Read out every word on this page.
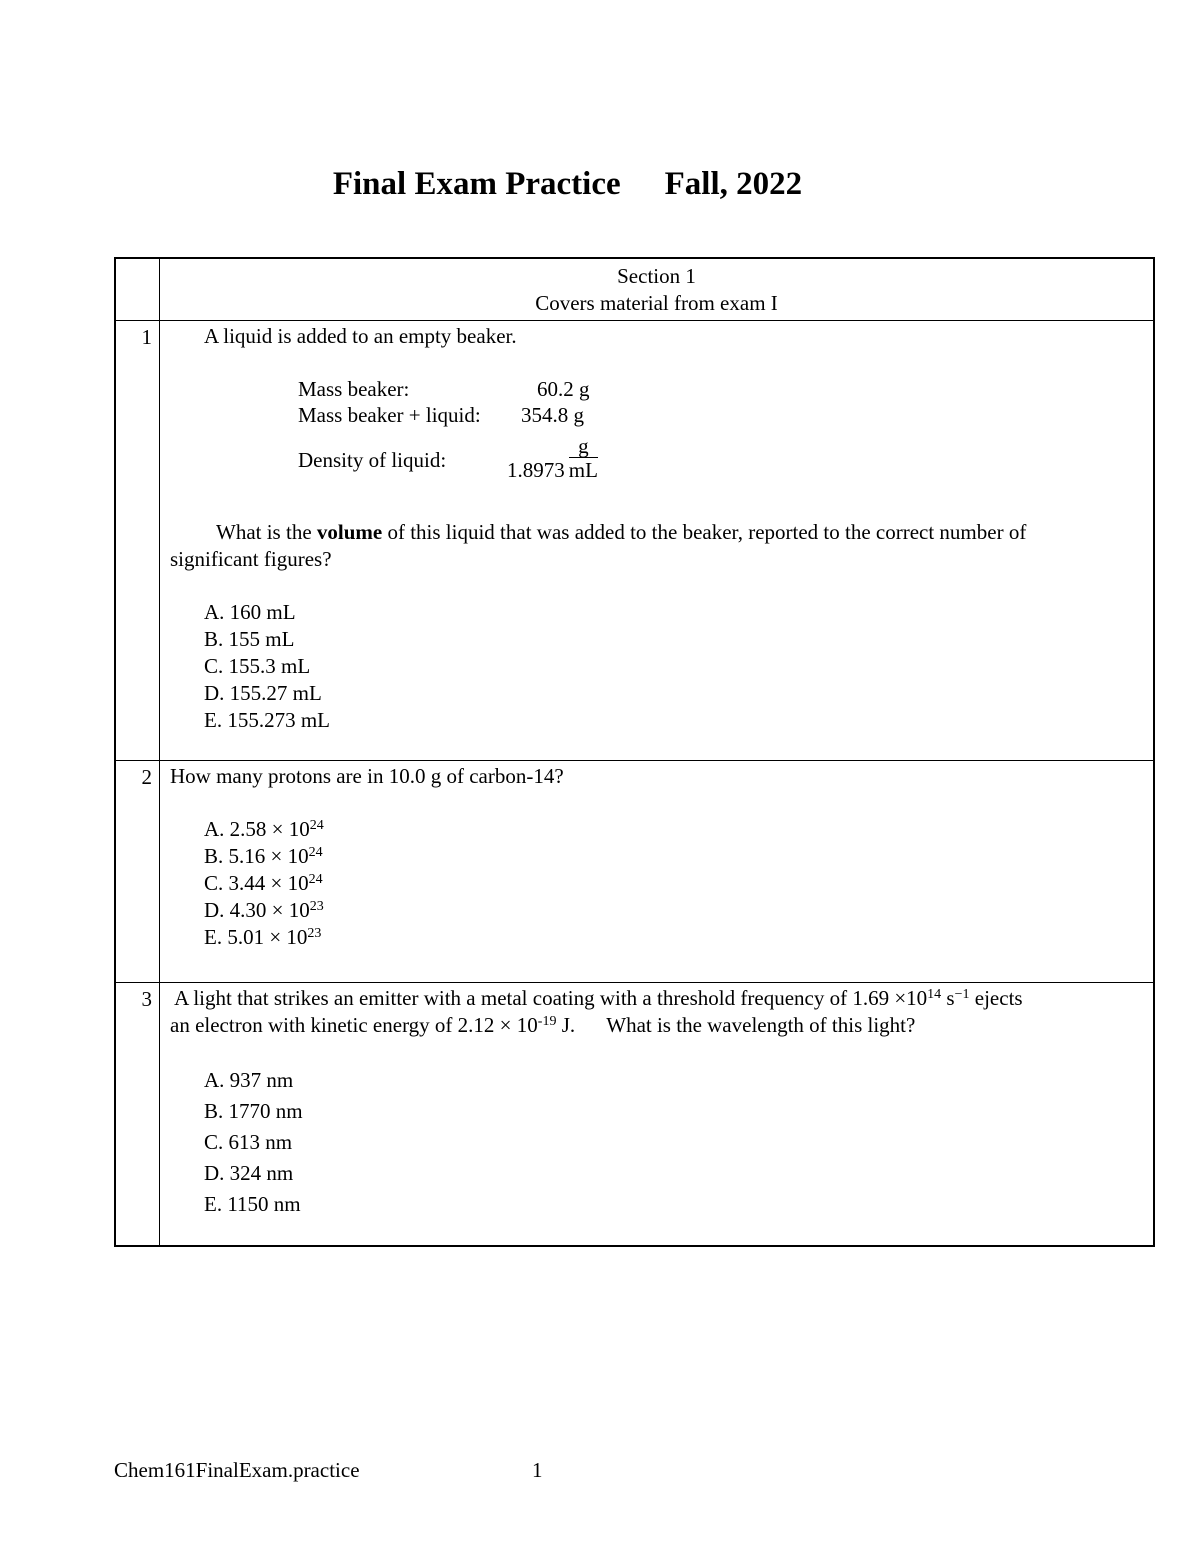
Final Exam Practice Fall, 2022
Section 1
Covers material from exam I
1 A liquid is added to an empty beaker.
Mass beaker:	60.2 g
Mass beaker + liquid: 354.8 g
Density of liquid:	$1.8973 \frac{g}{mL}$
What is the volume of this liquid that was added to the beaker, reported to the correct number of
significant figures?
A. 160 mL
B. 155 mL
C. 155.3 mL
D. 155.27 mL
E. 155.273 mL
2 How many protons are in 10.0 g of carbon-14?
A. $2.58 \times 10^{24}$
B. $5.16 \times 10^{24}$
C. $3.44 \times 10^{24}$
D. $4.30 \times 10^{23}$
E. $5.01 \times 10^{23}$
3 A light that strikes an emitter with a metal coating with a threshold frequency of $1.69 \times 10^{14}$ $s^{-1}$ ejects
an electron with kinetic energy of $2.12 \times 10^{-19}$ J.      What is the wavelength of this light?
A. 937 nm
B. 1770 nm
C. 613 nm
D. 324 nm
E. 1150 nm
Chem161FinalExam.practice	1
